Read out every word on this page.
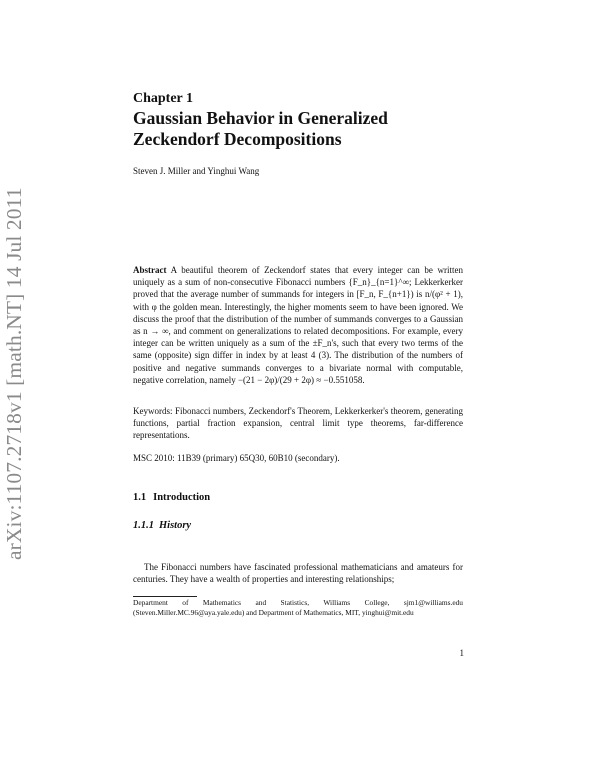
arXiv:1107.2718v1 [math.NT] 14 Jul 2011
Chapter 1
Gaussian Behavior in Generalized Zeckendorf Decompositions
Steven J. Miller and Yinghui Wang
Abstract A beautiful theorem of Zeckendorf states that every integer can be written uniquely as a sum of non-consecutive Fibonacci numbers {F_n}_{n=1}^∞; Lekkerkerker proved that the average number of summands for integers in [F_n, F_{n+1}) is n/(φ² + 1), with φ the golden mean. Interestingly, the higher moments seem to have been ignored. We discuss the proof that the distribution of the number of summands converges to a Gaussian as n → ∞, and comment on generalizations to related decompositions. For example, every integer can be written uniquely as a sum of the ±F_n's, such that every two terms of the same (opposite) sign differ in index by at least 4 (3). The distribution of the numbers of positive and negative summands converges to a bivariate normal with computable, negative correlation, namely −(21 − 2φ)/(29 + 2φ) ≈ −0.551058.
Keywords: Fibonacci numbers, Zeckendorf's Theorem, Lekkerkerker's theorem, generating functions, partial fraction expansion, central limit type theorems, far-difference representations.
MSC 2010: 11B39 (primary) 65Q30, 60B10 (secondary).
1.1 Introduction
1.1.1 History
The Fibonacci numbers have fascinated professional mathematicians and amateurs for centuries. They have a wealth of properties and interesting relationships;
Department of Mathematics and Statistics, Williams College, sjm1@williams.edu (Steven.Miller.MC.96@aya.yale.edu) and Department of Mathematics, MIT, yinghui@mit.edu
1
